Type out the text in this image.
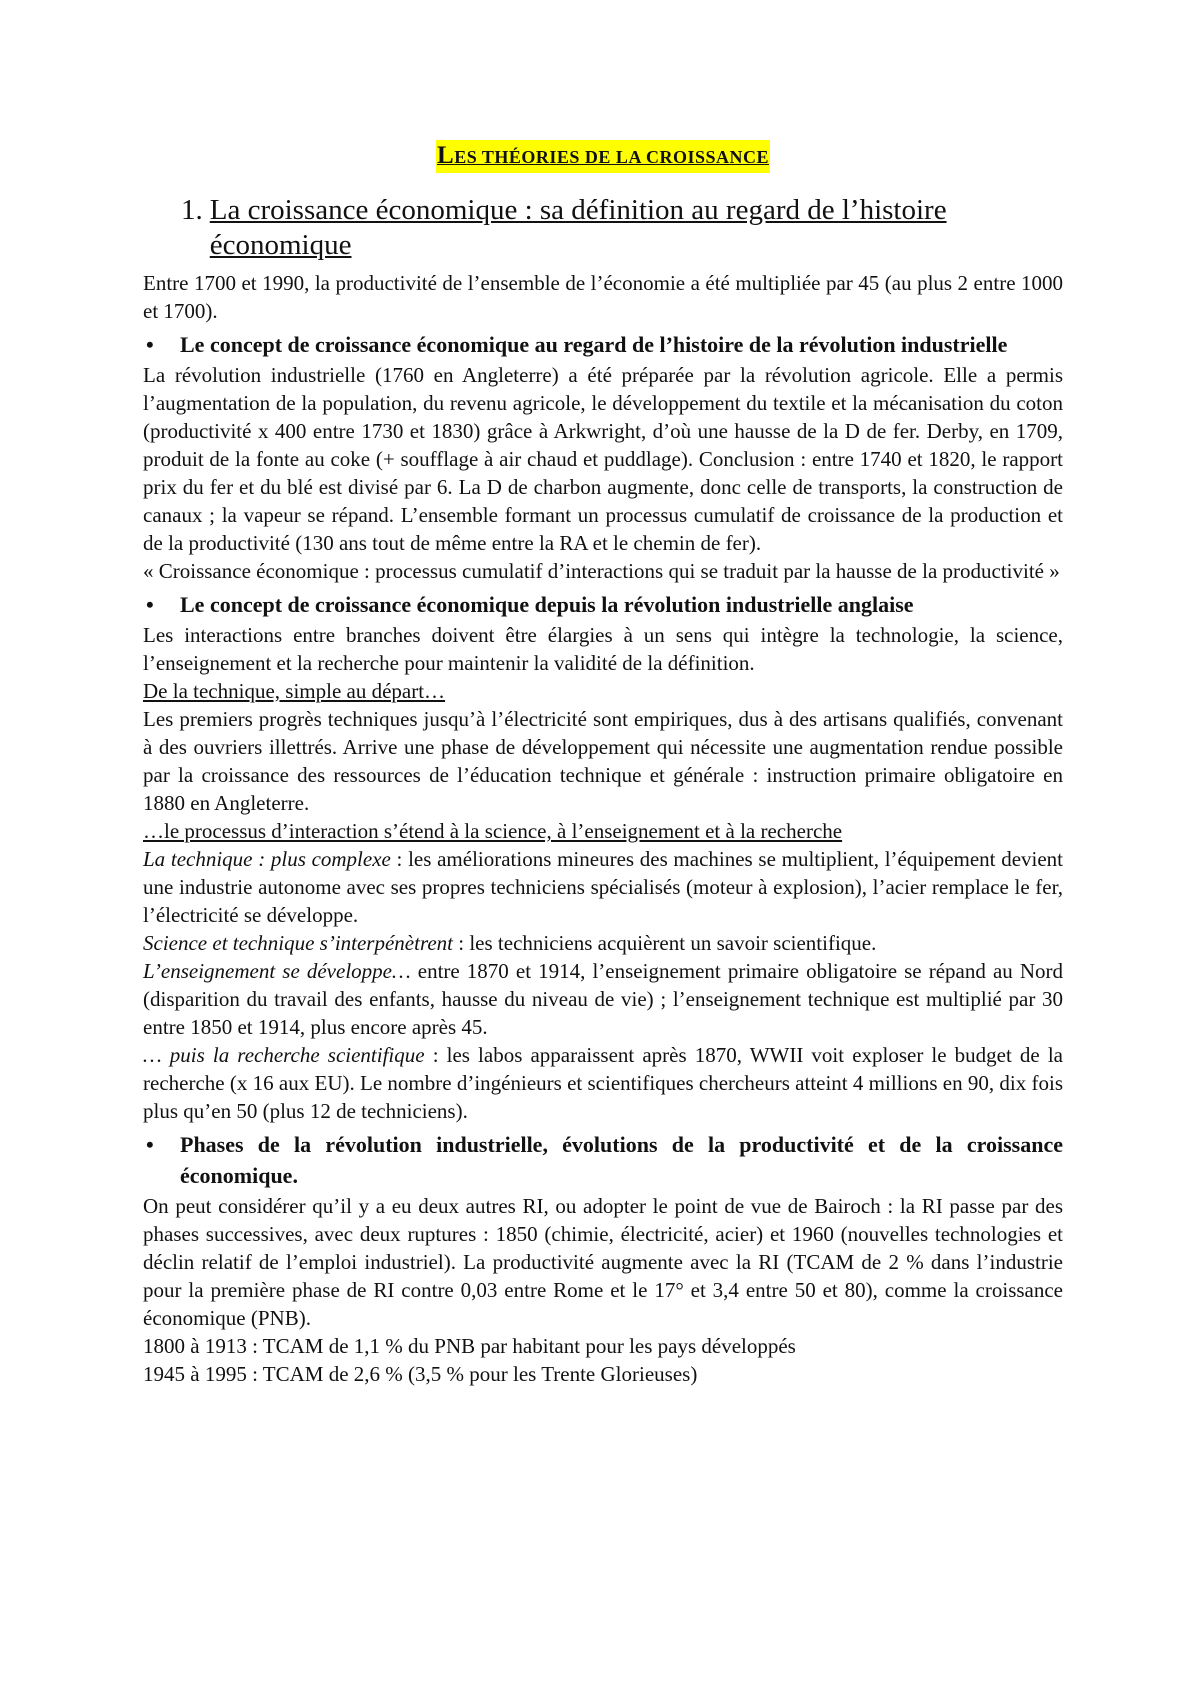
LES THÉORIES DE LA CROISSANCE
1. La croissance économique : sa définition au regard de l’histoire économique

Entre 1700 et 1990, la productivité de l’ensemble de l’économie a été multipliée par 45 (au plus 2 entre 1000 et 1700).

•	Le concept de croissance économique au regard de l’histoire de la révolution industrielle

La révolution industrielle (1760 en Angleterre) a été préparée par la révolution agricole. Elle a permis l’augmentation de la population, du revenu agricole, le développement du textile et la mécanisation du coton (productivité x 400 entre 1730 et 1830) grâce à Arkwright, d’où une hausse de la D de fer. Derby, en 1709, produit de la fonte au coke (+ soufflage à air chaud et puddlage). Conclusion : entre 1740 et 1820, le rapport prix du fer et du blé est divisé par 6. La D de charbon augmente, donc celle de transports, la construction de canaux ; la vapeur se répand. L’ensemble formant un processus cumulatif de croissance de la production et de la productivité (130 ans tout de même entre la RA et le chemin de fer).

« Croissance économique : processus cumulatif d’interactions qui se traduit par la hausse de la productivité »

•	Le concept de croissance économique depuis la révolution industrielle anglaise

Les interactions entre branches doivent être élargies à un sens qui intègre la technologie, la science, l’enseignement et la recherche pour maintenir la validité de la définition.

De la technique, simple au départ…

Les premiers progrès techniques jusqu’à l’électricité sont empiriques, dus à des artisans qualifiés, convenant à des ouvriers illettrés. Arrive une phase de développement qui nécessite une augmentation rendue possible par la croissance des ressources de l’éducation technique et générale : instruction primaire obligatoire en 1880 en Angleterre.

…le processus d’interaction s’étend à la science, à l’enseignement et à la recherche

La technique : plus complexe : les améliorations mineures des machines se multiplient, l’équipement devient une industrie autonome avec ses propres techniciens spécialisés (moteur à explosion), l’acier remplace le fer, l’électricité se développe.

Science et technique s’interpénètrent : les techniciens acquièrent un savoir scientifique.

L’enseignement se développe… entre 1870 et 1914, l’enseignement primaire obligatoire se répand au Nord (disparition du travail des enfants, hausse du niveau de vie) ; l’enseignement technique est multiplié par 30 entre 1850 et 1914, plus encore après 45.

… puis la recherche scientifique : les labos apparaissent après 1870, WWII voit exploser le budget de la recherche (x 16 aux EU). Le nombre d’ingénieurs et scientifiques chercheurs atteint 4 millions en 90, dix fois plus qu’en 50 (plus 12 de techniciens).

•	Phases de la révolution industrielle, évolutions de la productivité et de la croissance économique.

On peut considérer qu’il y a eu deux autres RI, ou adopter le point de vue de Bairoch : la RI passe par des phases successives, avec deux ruptures : 1850 (chimie, électricité, acier) et 1960 (nouvelles technologies et déclin relatif de l’emploi industriel). La productivité augmente avec la RI (TCAM de 2 % dans l’industrie pour la première phase de RI contre 0,03 entre Rome et le 17° et 3,4 entre 50 et 80), comme la croissance économique (PNB).

1800 à 1913 : TCAM de 1,1 % du PNB par habitant pour les pays développés

1945 à 1995 : TCAM de 2,6 % (3,5 % pour les Trente Glorieuses)
